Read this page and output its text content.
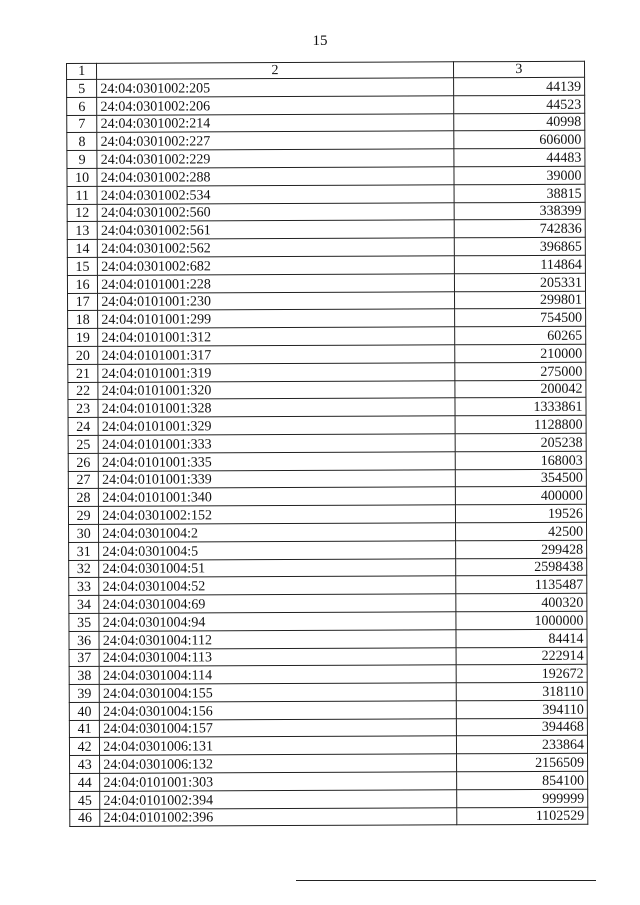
15
1	2	3
5	24:04:0301002:205	44139
6	24:04:0301002:206	44523
7	24:04:0301002:214	40998
8	24:04:0301002:227	606000
9	24:04:0301002:229	44483
10	24:04:0301002:288	39000
11	24:04:0301002:534	38815
12	24:04:0301002:560	338399
13	24:04:0301002:561	742836
14	24:04:0301002:562	396865
15	24:04:0301002:682	114864
16	24:04:0101001:228	205331
17	24:04:0101001:230	299801
18	24:04:0101001:299	754500
19	24:04:0101001:312	60265
20	24:04:0101001:317	210000
21	24:04:0101001:319	275000
22	24:04:0101001:320	200042
23	24:04:0101001:328	1333861
24	24:04:0101001:329	1128800
25	24:04:0101001:333	205238
26	24:04:0101001:335	168003
27	24:04:0101001:339	354500
28	24:04:0101001:340	400000
29	24:04:0301002:152	19526
30	24:04:0301004:2	42500
31	24:04:0301004:5	299428
32	24:04:0301004:51	2598438
33	24:04:0301004:52	1135487
34	24:04:0301004:69	400320
35	24:04:0301004:94	1000000
36	24:04:0301004:112	84414
37	24:04:0301004:113	222914
38	24:04:0301004:114	192672
39	24:04:0301004:155	318110
40	24:04:0301004:156	394110
41	24:04:0301004:157	394468
42	24:04:0301006:131	233864
43	24:04:0301006:132	2156509
44	24:04:0101001:303	854100
45	24:04:0101002:394	999999
46	24:04:0101002:396	1102529
